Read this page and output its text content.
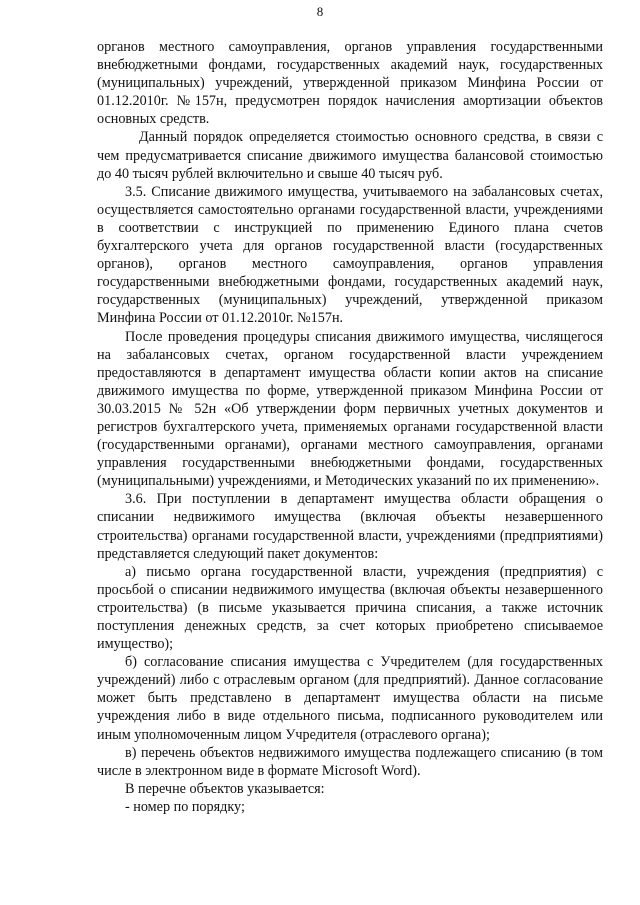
8

органов местного самоуправления, органов управления государственными внебюджетными фондами, государственных академий наук, государственных (муниципальных) учреждений, утвержденной приказом Минфина России от 01.12.2010г. №157н, предусмотрен порядок начисления амортизации объектов основных средств.

Данный порядок определяется стоимостью основного средства, в связи с чем предусматривается списание движимого имущества балансовой стоимостью до 40 тысяч рублей включительно и свыше 40 тысяч руб.

3.5. Списание движимого имущества, учитываемого на забалансовых счетах, осуществляется самостоятельно органами государственной власти, учреждениями в соответствии с инструкцией по применению Единого плана счетов бухгалтерского учета для органов государственной власти (государственных органов), органов местного самоуправления, органов управления государственными внебюджетными фондами, государственных академий наук, государственных (муниципальных) учреждений, утвержденной приказом Минфина России от 01.12.2010г. №157н.

После проведения процедуры списания движимого имущества, числящегося на забалансовых счетах, органом государственной власти учреждением предоставляются в департамент имущества области копии актов на списание движимого имущества по форме, утвержденной приказом Минфина России от 30.03.2015 № 52н «Об утверждении форм первичных учетных документов и регистров бухгалтерского учета, применяемых органами государственной власти (государственными органами), органами местного самоуправления, органами управления государственными внебюджетными фондами, государственных (муниципальными) учреждениями, и Методических указаний по их применению».

3.6. При поступлении в департамент имущества области обращения о списании недвижимого имущества (включая объекты незавершенного строительства) органами государственной власти, учреждениями (предприятиями) представляется следующий пакет документов:

а) письмо органа государственной власти, учреждения (предприятия) с просьбой о списании недвижимого имущества (включая объекты незавершенного строительства) (в письме указывается причина списания, а также источник поступления денежных средств, за счет которых приобретено списываемое имущество);

б) согласование списания имущества с Учредителем (для государственных учреждений) либо с отраслевым органом (для предприятий). Данное согласование может быть представлено в департамент имущества области на письме учреждения либо в виде отдельного письма, подписанного руководителем или иным уполномоченным лицом Учредителя (отраслевого органа);

в) перечень объектов недвижимого имущества подлежащего списанию (в том числе в электронном виде в формате Microsoft Word).

В перечне объектов указывается:

- номер по порядку;
